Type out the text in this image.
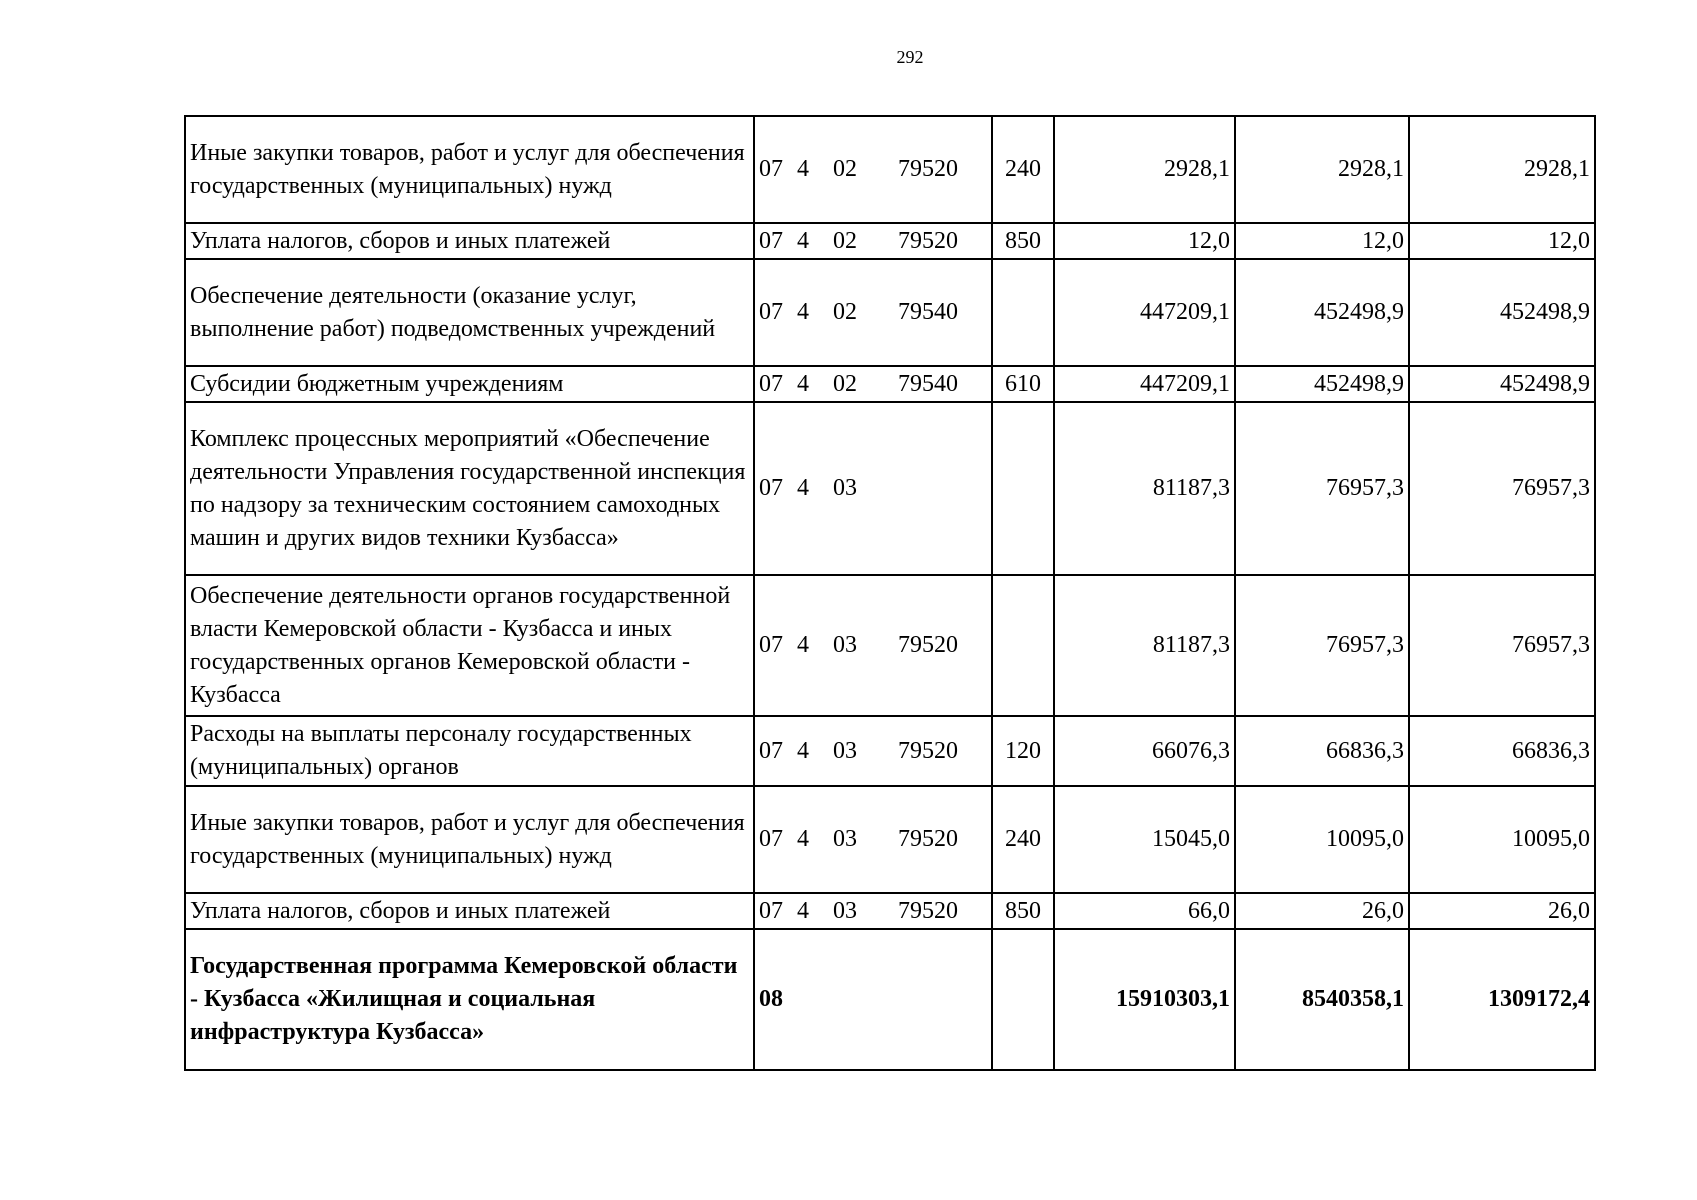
292
Иные закупки товаров, работ и услуг для обеспечения государственных (муниципальных) нужд	07 4 02 79520	240	2928,1	2928,1	2928,1
Уплата налогов, сборов и иных платежей	07 4 02 79520	850	12,0	12,0	12,0
Обеспечение деятельности (оказание услуг, выполнение работ) подведомственных учреждений	07 4 02 79540		447209,1	452498,9	452498,9
Субсидии бюджетным учреждениям	07 4 02 79540	610	447209,1	452498,9	452498,9
Комплекс процессных мероприятий «Обеспечение деятельности Управления государственной инспекция по надзору за техническим состоянием самоходных машин и других видов техники Кузбасса»	07 4 03		81187,3	76957,3	76957,3
Обеспечение деятельности органов государственной власти Кемеровской области - Кузбасса и иных государственных органов Кемеровской области - Кузбасса	07 4 03 79520		81187,3	76957,3	76957,3
Расходы на выплаты персоналу государственных (муниципальных) органов	07 4 03 79520	120	66076,3	66836,3	66836,3
Иные закупки товаров, работ и услуг для обеспечения государственных (муниципальных) нужд	07 4 03 79520	240	15045,0	10095,0	10095,0
Уплата налогов, сборов и иных платежей	07 4 03 79520	850	66,0	26,0	26,0
Государственная программа Кемеровской области - Кузбасса «Жилищная и социальная инфраструктура Кузбасса»	08		15910303,1	8540358,1	1309172,4
